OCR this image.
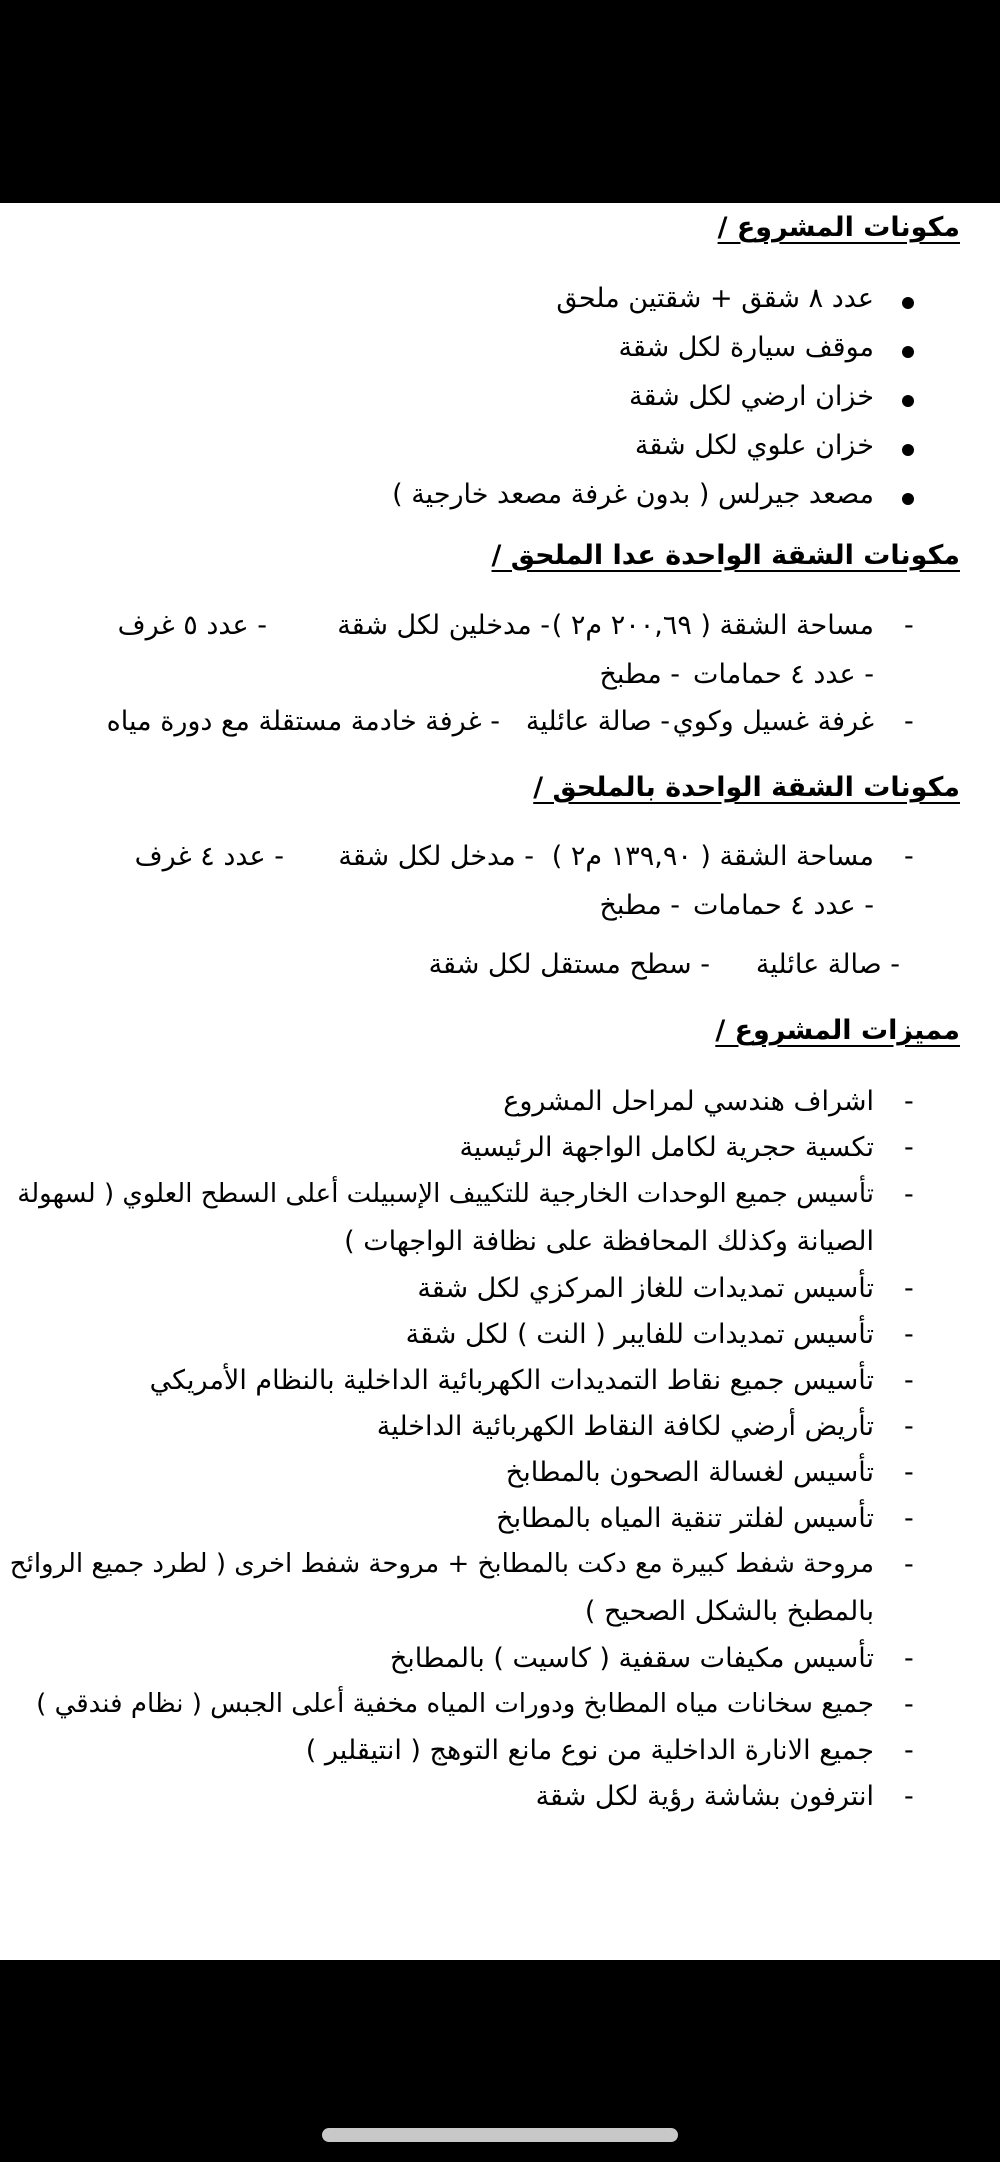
مكونات المشروع /
عدد ٨ شقق + شقتين ملحق
موقف سيارة لكل شقة
خزان ارضي لكل شقة
خزان علوي لكل شقة
مصعد جيرلس ( بدون غرفة مصعد خارجية )
مكونات الشقة الواحدة عدا الملحق /
-
مساحة الشقة ( ٢٠٠,٦٩ م٢ )
- مدخلين لكل شقة
- عدد ٥ غرف
- عدد ٤ حمامات
- مطبخ
-
غرفة غسيل وكوي
- صالة عائلية
- غرفة خادمة مستقلة مع دورة مياه
مكونات الشقة الواحدة بالملحق /
-
مساحة الشقة ( ١٣٩,٩٠ م٢ )
- مدخل لكل شقة
- عدد ٤ غرف
- عدد ٤ حمامات
- مطبخ
- صالة عائلية
- سطح مستقل لكل شقة
مميزات المشروع /
-
اشراف هندسي لمراحل المشروع
-
تكسية حجرية لكامل الواجهة الرئيسية
-
تأسيس جميع الوحدات الخارجية للتكييف الإسبيلت أعلى السطح العلوي ( لسهولة
الصيانة وكذلك المحافظة على نظافة الواجهات )
-
تأسيس تمديدات للغاز المركزي لكل شقة
-
تأسيس تمديدات للفايبر ( النت ) لكل شقة
-
تأسيس جميع نقاط التمديدات الكهربائية الداخلية بالنظام الأمريكي
-
تأريض أرضي لكافة النقاط الكهربائية الداخلية
-
تأسيس لغسالة الصحون بالمطابخ
-
تأسيس لفلتر تنقية المياه بالمطابخ
-
مروحة شفط كبيرة مع دكت بالمطابخ + مروحة شفط اخرى ( لطرد جميع الروائح
بالمطبخ بالشكل الصحيح )
-
تأسيس مكيفات سقفية ( كاسيت ) بالمطابخ
-
جميع سخانات مياه المطابخ ودورات المياه مخفية أعلى الجبس ( نظام فندقي )
-
جميع الانارة الداخلية من نوع مانع التوهج ( انتيقلير )
-
انترفون بشاشة رؤية لكل شقة
